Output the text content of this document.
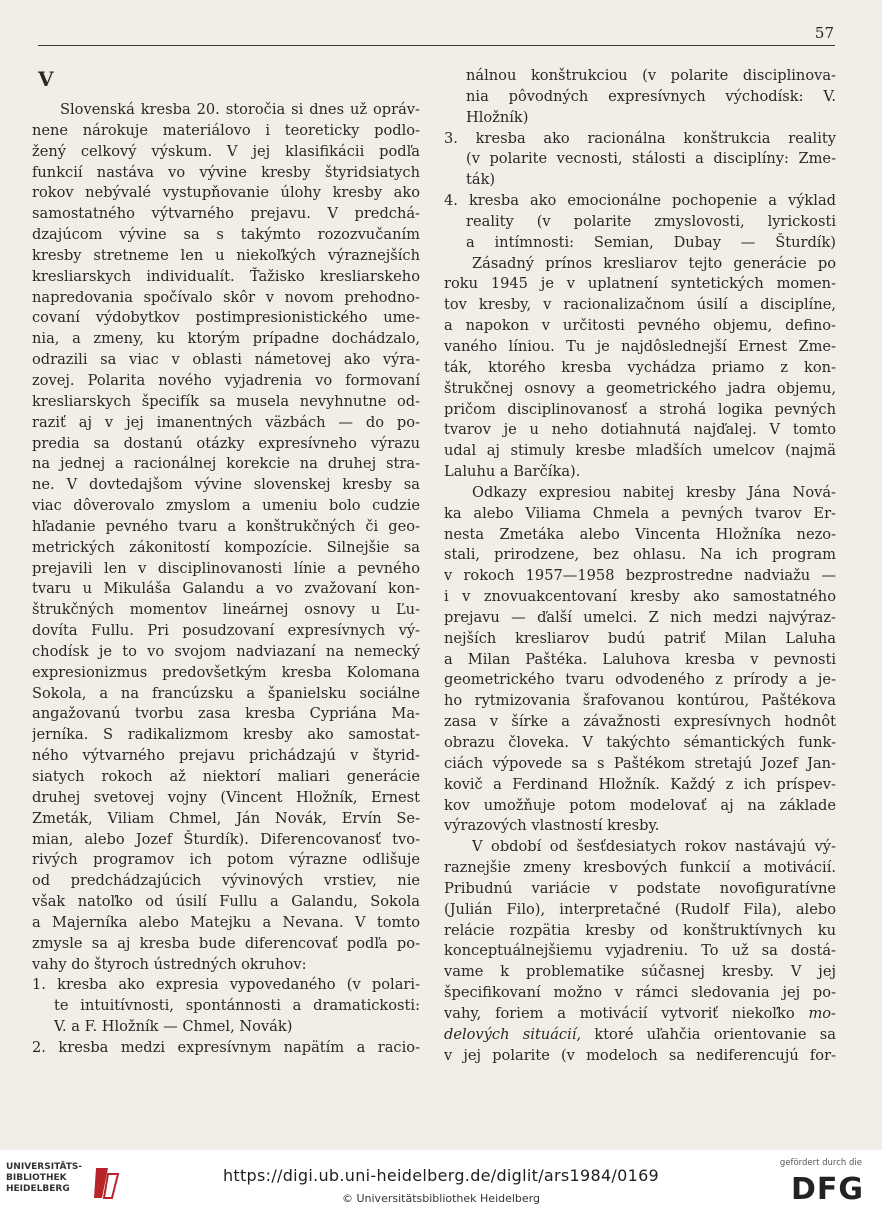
57
V
Slovenská kresba 20. storočia si dnes už opráv-
nene nárokuje materiálovo i teoreticky podlo-
žený celkový výskum. V jej klasifikácii podľa
funkcií nastáva vo vývine kresby štyridsiatych
rokov nebývalé vystupňovanie úlohy kresby ako
samostatného výtvarného prejavu. V predchá-
dzajúcom vývine sa s takýmto rozozvučaním
kresby stretneme len u niekoľkých výraznejších
kresliarskych individualít. Ťažisko kresliarskeho
napredovania spočívalo skôr v novom prehodno-
covaní výdobytkov postimpresionistického ume-
nia, a zmeny, ku ktorým prípadne dochádzalo,
odrazili sa viac v oblasti námetovej ako výra-
zovej. Polarita nového vyjadrenia vo formovaní
kresliarskych špecifík sa musela nevyhnutne od-
raziť aj v jej imanentných väzbách — do po-
predia sa dostanú otázky expresívneho výrazu
na jednej a racionálnej korekcie na druhej stra-
ne. V dovtedajšom vývine slovenskej kresby sa
viac dôverovalo zmyslom a umeniu bolo cudzie
hľadanie pevného tvaru a konštrukčných či geo-
metrických zákonitostí kompozície. Silnejšie sa
prejavili len v disciplinovanosti línie a pevného
tvaru u Mikuláša Galandu a vo zvažovaní kon-
štrukčných momentov lineárnej osnovy u Ľu-
dovíta Fullu. Pri posudzovaní expresívnych vý-
chodísk je to vo svojom nadviazaní na nemecký
expresionizmus predovšetkým kresba Kolomana
Sokola, a na francúzsku a španielsku sociálne
angažovanú tvorbu zasa kresba Cypriána Ma-
jerníka. S radikalizmom kresby ako samostat-
ného výtvarného prejavu prichádzajú v štyrid-
siatych rokoch až niektorí maliari generácie
druhej svetovej vojny (Vincent Hložník, Ernest
Zmeták, Viliam Chmel, Ján Novák, Ervín Se-
mian, alebo Jozef Šturdík). Diferencovanosť tvo-
rivých programov ich potom výrazne odlišuje
od predchádzajúcich vývinových vrstiev, nie
však natoľko od úsilí Fullu a Galandu, Sokola
a Majerníka alebo Matejku a Nevana. V tomto
zmysle sa aj kresba bude diferencovať podľa po-
vahy do štyroch ústredných okruhov:
1. kresba ako expresia vypovedaného (v polari-
te intuitívnosti, spontánnosti a dramatickosti:
V. a F. Hložník — Chmel, Novák)
2. kresba medzi expresívnym napätím a racio-
nálnou konštrukciou (v polarite disciplinova-
nia pôvodných expresívnych východísk: V.
Hložník)
3. kresba ako racionálna konštrukcia reality
(v polarite vecnosti, stálosti a disciplíny: Zme-
ták)
4. kresba ako emocionálne pochopenie a výklad
reality (v polarite zmyslovosti, lyrickosti
a intímnosti: Semian, Dubay — Šturdík)
Zásadný prínos kresliarov tejto generácie po
roku 1945 je v uplatnení syntetických momen-
tov kresby, v racionalizačnom úsilí a disciplíne,
a napokon v určitosti pevného objemu, defino-
vaného líniou. Tu je najdôslednejší Ernest Zme-
ták, ktorého kresba vychádza priamo z kon-
štrukčnej osnovy a geometrického jadra objemu,
pričom disciplinovanosť a strohá logika pevných
tvarov je u neho dotiahnutá najďalej. V tomto
udal aj stimuly kresbe mladších umelcov (najmä
Laluhu a Barčíka).
Odkazy expresiou nabitej kresby Jána Nová-
ka alebo Viliama Chmela a pevných tvarov Er-
nesta Zmetáka alebo Vincenta Hložníka nezo-
stali, prirodzene, bez ohlasu. Na ich program
v rokoch 1957—1958 bezprostredne nadviažu —
i v znovuakcentovaní kresby ako samostatného
prejavu — ďalší umelci. Z nich medzi najvýraz-
nejších kresliarov budú patriť Milan Laluha
a Milan Paštéka. Laluhova kresba v pevnosti
geometrického tvaru odvodeného z prírody a je-
ho rytmizovania šrafovanou kontúrou, Paštékova
zasa v šírke a závažnosti expresívnych hodnôt
obrazu človeka. V takýchto sémantických funk-
ciách výpovede sa s Paštékom stretajú Jozef Jan-
kovič a Ferdinand Hložník. Každý z ich príspev-
kov umožňuje potom modelovať aj na základe
výrazových vlastností kresby.
V období od šesťdesiatych rokov nastávajú vý-
raznejšie zmeny kresbových funkcií a motivácií.
Pribudnú variácie v podstate novofiguratívne
(Julián Filo), interpretačné (Rudolf Fila), alebo
relácie rozpätia kresby od konštruktívnych ku
konceptuálnejšiemu vyjadreniu. To už sa dostá-
vame k problematike súčasnej kresby. V jej
špecifikovaní možno v rámci sledovania jej po-
vahy, foriem a motivácií vytvoriť niekoľko mo-
delových situácií, ktoré uľahčia orientovanie sa
v jej polarite (v modeloch sa nediferencujú for-
UNIVERSITÄTS-
BIBLIOTHEK
HEIDELBERG
https://digi.ub.uni-heidelberg.de/diglit/ars1984/0169
© Universitätsbibliothek Heidelberg
gefördert durch die
DFG
